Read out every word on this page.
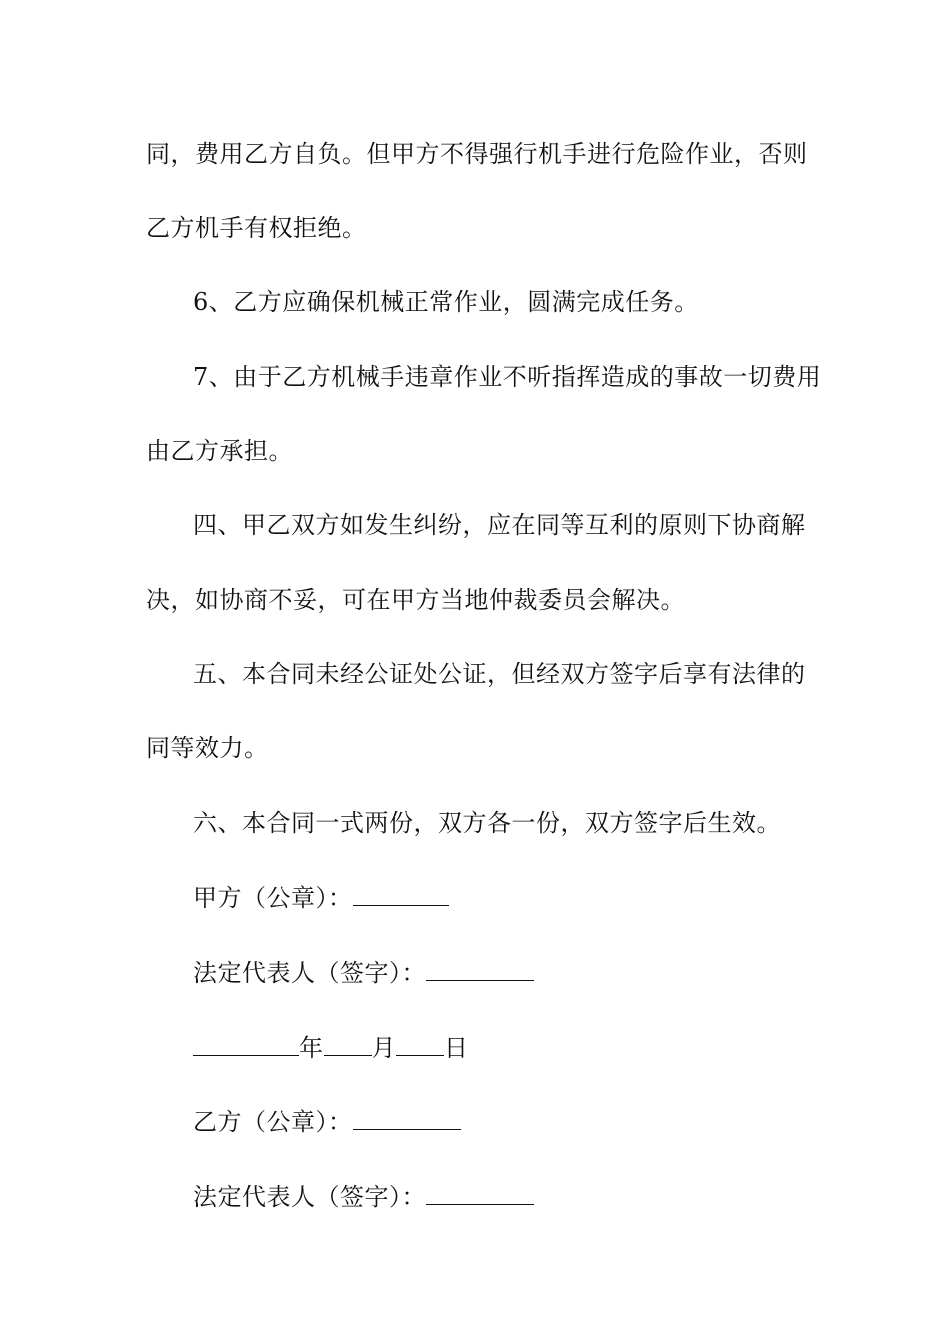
同，费用乙方自负。但甲方不得强行机手进行危险作业，否则
乙方机手有权拒绝。
6、乙方应确保机械正常作业，圆满完成任务。
7、由于乙方机械手违章作业不听指挥造成的事故一切费用
由乙方承担。
四、甲乙双方如发生纠纷，应在同等互利的原则下协商解
决，如协商不妥，可在甲方当地仲裁委员会解决。
五、本合同未经公证处公证，但经双方签字后享有法律的
同等效力。
六、本合同一式两份，双方各一份，双方签字后生效。
甲方（公章）：
法定代表人（签字）：
年 月 日
乙方（公章）：
法定代表人（签字）：
